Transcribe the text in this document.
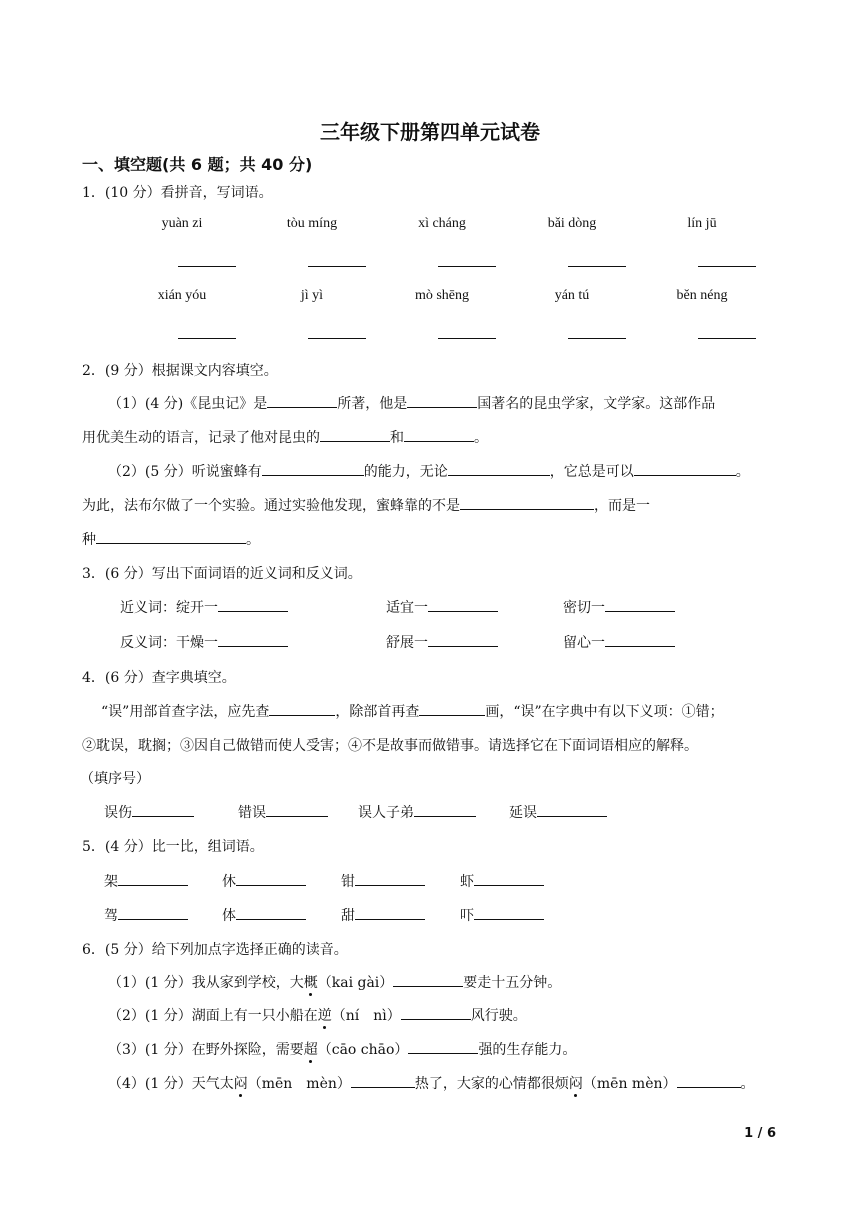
三年级下册第四单元试卷
一、填空题(共 6 题；共 40 分)
1．(10 分）看拼音，写词语。
yuàn zi	tòu míng	xì cháng	bǎi dòng	lín jū
xián yóu	jì yì	mò shēng	yán tú	běn néng
2．(9 分）根据课文内容填空。
（1）(4 分)《昆虫记》是	所著，他是	国著名的昆虫学家，文学家。这部作品
用优美生动的语言，记录了他对昆虫的	和	。
（2）(5 分）听说蜜蜂有	的能力，无论	，它总是可以	。
为此，法布尔做了一个实验。通过实验他发现，蜜蜂靠的不是	，而是一
种	。
3．(6 分）写出下面词语的近义词和反义词。
近义词：绽开一	适宜一	密切一
反义词：干燥一	舒展一	留心一
4．(6 分）查字典填空。
“误”用部首查字法，应先查	，除部首再查	画，“误”在字典中有以下义项：①错；
②耽误，耽搁；③因自己做错而使人受害；④不是故事而做错事。请选择它在下面词语相应的解释。
（填序号）
误伤	错误	误人子弟	延误
5．(4 分）比一比，组词语。
架	休	钳	虾
驾	体	甜	吓
6．(5 分）给下列加点字选择正确的读音。
（1）(1 分）我从家到学校，大概（kai gài）	要走十五分钟。
（2）(1 分）湖面上有一只小船在逆（ní　nì）	风行驶。
（3）(1 分）在野外探险，需要超（cāo chāo）	强的生存能力。
（4）(1 分）天气太闷（mēn　mèn）	热了，大家的心情都很烦闷（mēn mèn）	。
1 / 6
